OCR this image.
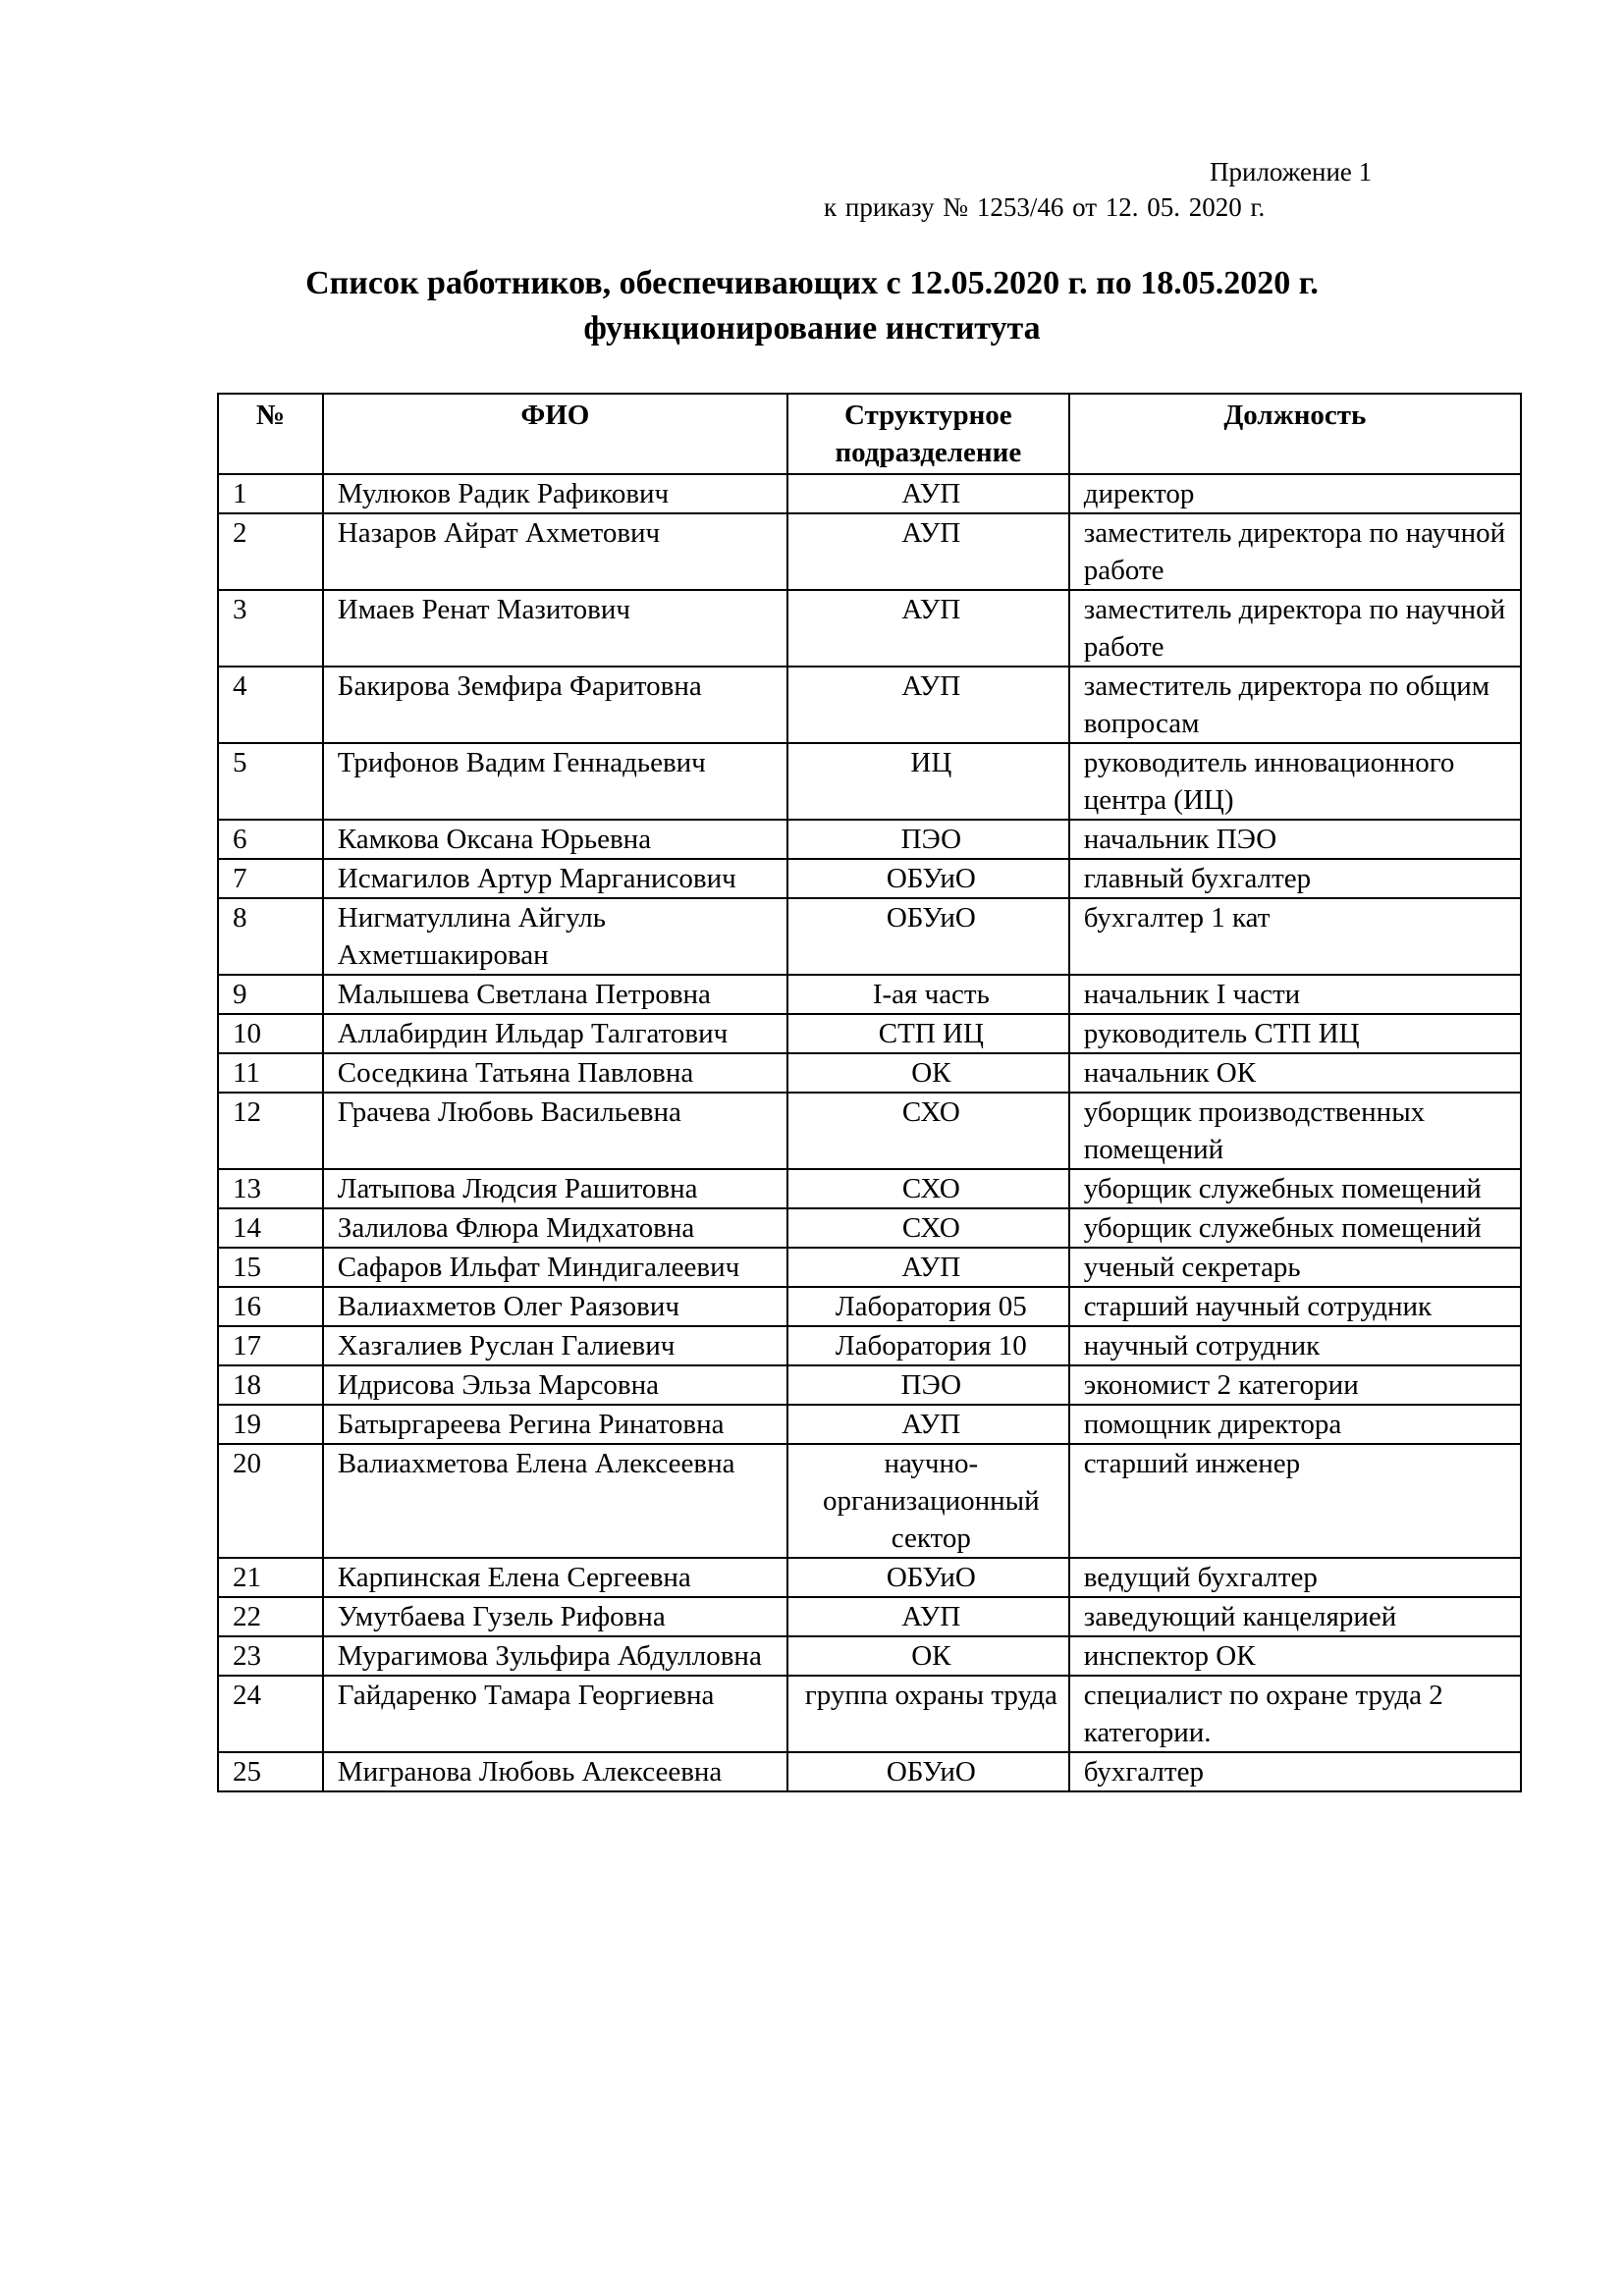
Приложение 1
к приказу № 1253/46 от 12. 05. 2020 г.
Список работников, обеспечивающих с 12.05.2020 г. по 18.05.2020 г.
функционирование института
№	ФИО	Структурное подразделение	Должность
1	Мулюков Радик Рафикович	АУП	директор
2	Назаров Айрат Ахметович	АУП	заместитель директора по научной работе
3	Имаев Ренат Мазитович	АУП	заместитель директора по научной работе
4	Бакирова Земфира Фаритовна	АУП	заместитель директора по общим вопросам
5	Трифонов Вадим Геннадьевич	ИЦ	руководитель инновационного центра (ИЦ)
6	Камкова Оксана Юрьевна	ПЭО	начальник ПЭО
7	Исмагилов Артур Марганисович	ОБУиО	главный бухгалтер
8	Нигматуллина Айгуль Ахметшакирован	ОБУиО	бухгалтер 1 кат
9	Малышева Светлана Петровна	I-ая часть	начальник I части
10	Аллабирдин Ильдар Талгатович	СТП ИЦ	руководитель СТП ИЦ
11	Соседкина Татьяна Павловна	ОК	начальник ОК
12	Грачева Любовь Васильевна	СХО	уборщик производственных помещений
13	Латыпова Людсия Рашитовна	СХО	уборщик служебных помещений
14	Залилова Флюра Мидхатовна	СХО	уборщик служебных помещений
15	Сафаров Ильфат Миндигалеевич	АУП	ученый секретарь
16	Валиахметов Олег Раязович	Лаборатория 05	старший научный сотрудник
17	Хазгалиев Руслан Галиевич	Лаборатория 10	научный сотрудник
18	Идрисова Эльза Марсовна	ПЭО	экономист 2 категории
19	Батыргареева Регина Ринатовна	АУП	помощник директора
20	Валиахметова Елена Алексеевна	научно-организационный сектор	старший инженер
21	Карпинская Елена Сергеевна	ОБУиО	ведущий бухгалтер
22	Умутбаева Гузель Рифовна	АУП	заведующий канцелярией
23	Мурагимова Зульфира Абдулловна	ОК	инспектор ОК
24	Гайдаренко Тамара Георгиевна	группа охраны труда	специалист по охране труда 2 категории.
25	Мигранова Любовь Алексеевна	ОБУиО	бухгалтер
